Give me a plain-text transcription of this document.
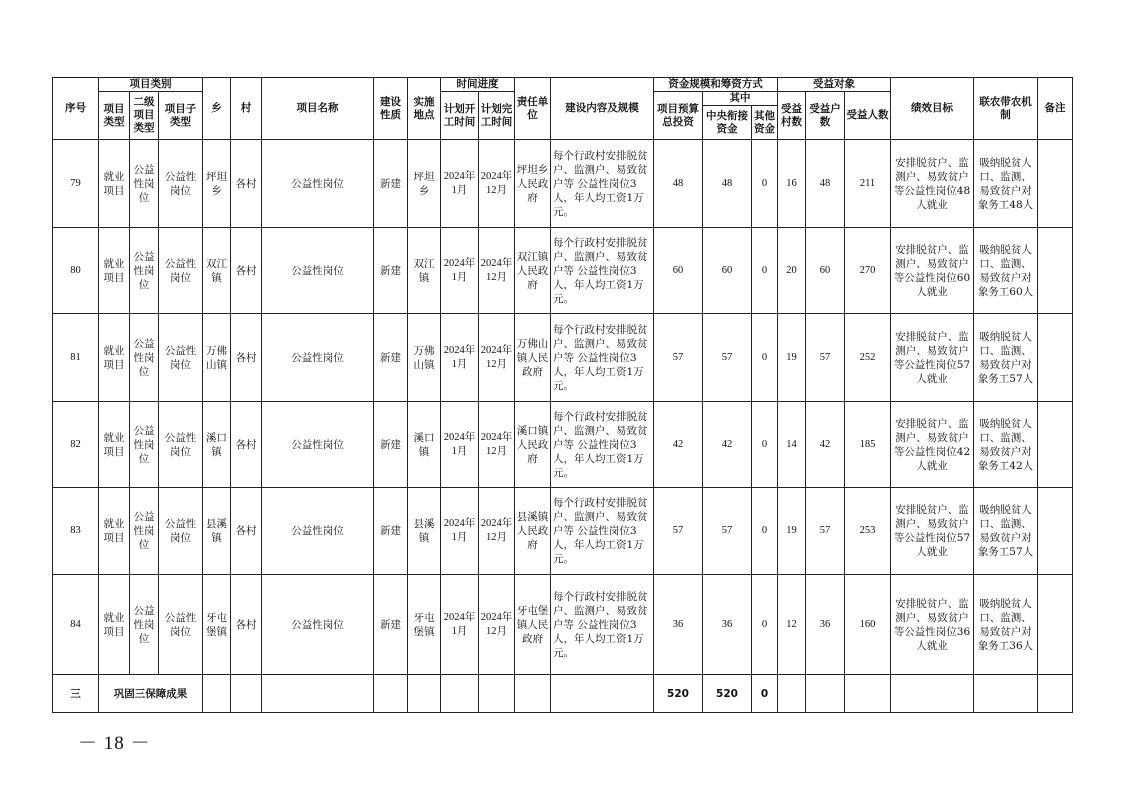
序号	项目类别			乡	村	项目名称	建设性质	实施地点	时间进度		责任单位	建设内容及规模	资金规模和筹资方式			受益对象			绩效目标	联农带农机制	备注
	项目类型	二级项目类型	项目子类型						计划开工时间	计划完工时间			项目预算总投资	其中		受益村数	受益户数	受益人数			
														中央衔接资金	其他资金						
79	就业项目	公益性岗位	公益性岗位	坪坦乡	各村	公益性岗位	新建	坪坦乡	2024年1月	2024年12月	坪坦乡人民政府	每个行政村安排脱贫户、监测户、易致贫户等 公益性岗位3人，年人均工资1万元。	48	48	0	16	48	211	安排脱贫户、监测户、易致贫户等公益性岗位48人就业	吸纳脱贫人口、监测、易致贫户对象务工48人	
80	就业项目	公益性岗位	公益性岗位	双江镇	各村	公益性岗位	新建	双江镇	2024年1月	2024年12月	双江镇人民政府	每个行政村安排脱贫户、监测户、易致贫户等 公益性岗位3人，年人均工资1万元。	60	60	0	20	60	270	安排脱贫户、监测户、易致贫户等公益性岗位60人就业	吸纳脱贫人口、监测、易致贫户对象务工60人	
81	就业项目	公益性岗位	公益性岗位	万佛山镇	各村	公益性岗位	新建	万佛山镇	2024年1月	2024年12月	万佛山镇人民政府	每个行政村安排脱贫户、监测户、易致贫户等 公益性岗位3人，年人均工资1万元。	57	57	0	19	57	252	安排脱贫户、监测户、易致贫户等公益性岗位57人就业	吸纳脱贫人口、监测、易致贫户对象务工57人	
82	就业项目	公益性岗位	公益性岗位	溪口镇	各村	公益性岗位	新建	溪口镇	2024年1月	2024年12月	溪口镇人民政府	每个行政村安排脱贫户、监测户、易致贫户等 公益性岗位3人，年人均工资1万元。	42	42	0	14	42	185	安排脱贫户、监测户、易致贫户等公益性岗位42人就业	吸纳脱贫人口、监测、易致贫户对象务工42人	
83	就业项目	公益性岗位	公益性岗位	县溪镇	各村	公益性岗位	新建	县溪镇	2024年1月	2024年12月	县溪镇人民政府	每个行政村安排脱贫户、监测户、易致贫户等 公益性岗位3人，年人均工资1万元。	57	57	0	19	57	253	安排脱贫户、监测户、易致贫户等公益性岗位57人就业	吸纳脱贫人口、监测、易致贫户对象务工57人	
84	就业项目	公益性岗位	公益性岗位	牙屯堡镇	各村	公益性岗位	新建	牙屯堡镇	2024年1月	2024年12月	牙屯堡镇人民政府	每个行政村安排脱贫户、监测户、易致贫户等 公益性岗位3人，年人均工资1万元。	36	36	0	12	36	160	安排脱贫户、监测户、易致贫户等公益性岗位36人就业	吸纳脱贫人口、监测、易致贫户对象务工36人	
三	巩固三保障成果												520	520	0						
－ 18 －
